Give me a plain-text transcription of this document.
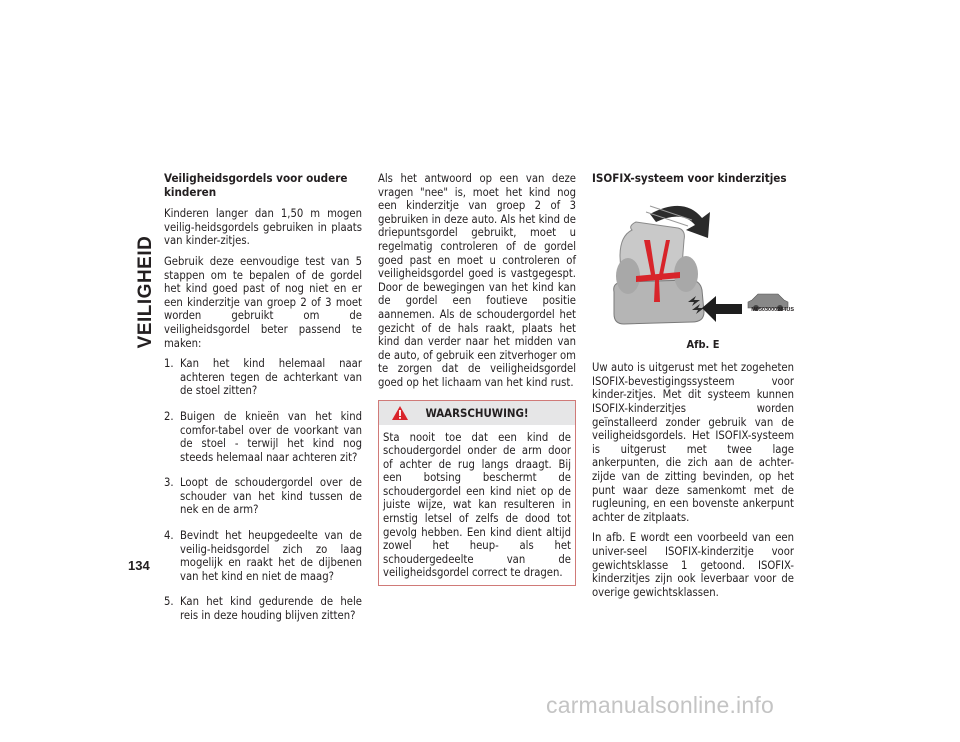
VEILIGHEID
134
Veiligheidsgordels voor oudere kinderen

Kinderen langer dan 1,50 m mogen veilig-heidsgordels gebruiken in plaats van kinder-zitjes.

Gebruik deze eenvoudige test van 5 stappen om te bepalen of de gordel het kind goed past of nog niet en er een kinderzitje van groep 2 of 3 moet worden gebruikt om de veiligheidsgordel beter passend te maken:

1. Kan het kind helemaal naar achteren tegen de achterkant van de stoel zitten?
2. Buigen de knieën van het kind comfor-tabel over de voorkant van de stoel - terwijl het kind nog steeds helemaal naar achteren zit?
3. Loopt de schoudergordel over de schouder van het kind tussen de nek en de arm?
4. Bevindt het heupgedeelte van de veilig-heidsgordel zich zo laag mogelijk en raakt het de dijbenen van het kind en niet de maag?
5. Kan het kind gedurende de hele reis in deze houding blijven zitten?

Als het antwoord op een van deze vragen "nee" is, moet het kind nog een kinderzitje van groep 2 of 3 gebruiken in deze auto. Als het kind de driepuntsgordel gebruikt, moet u regelmatig controleren of de gordel goed past en moet u controleren of veiligheidsgordel goed is vastgegespt. Door de bewegingen van het kind kan de gordel een foutieve positie aannemen. Als de schoudergordel het gezicht of de hals raakt, plaats het kind dan verder naar het midden van de auto, of gebruik een zitverhoger om te zorgen dat de veiligheidsgordel goed op het lichaam van het kind rust.

WAARSCHUWING!

Sta nooit toe dat een kind de schoudergordel onder de arm door of achter de rug langs draagt. Bij een botsing beschermt de schoudergordel een kind niet op de juiste wijze, wat kan resulteren in ernstig letsel of zelfs de dood tot gevolg hebben. Een kind dient altijd zowel het heup- als het schoudergedeelte van de veiligheidsgordel correct te dragen.

ISOFIX-systeem voor kinderzitjes
M0503000284US
Afb. E

Uw auto is uitgerust met het zogeheten ISOFIX-bevestigingssysteem voor kinder-zitjes. Met dit systeem kunnen ISOFIX-kinderzitjes worden geïnstalleerd zonder gebruik van de veiligheidsgordels. Het ISOFIX-systeem is uitgerust met twee lage ankerpunten, die zich aan de achter-zijde van de zitting bevinden, op het punt waar deze samenkomt met de rugleuning, en een bovenste ankerpunt achter de zitplaats.

In afb. E wordt een voorbeeld van een univer-seel ISOFIX-kinderzitje voor gewichtsklasse 1 getoond. ISOFIX-kinderzitjes zijn ook leverbaar voor de overige gewichtsklassen.

carmanualsonline.info
